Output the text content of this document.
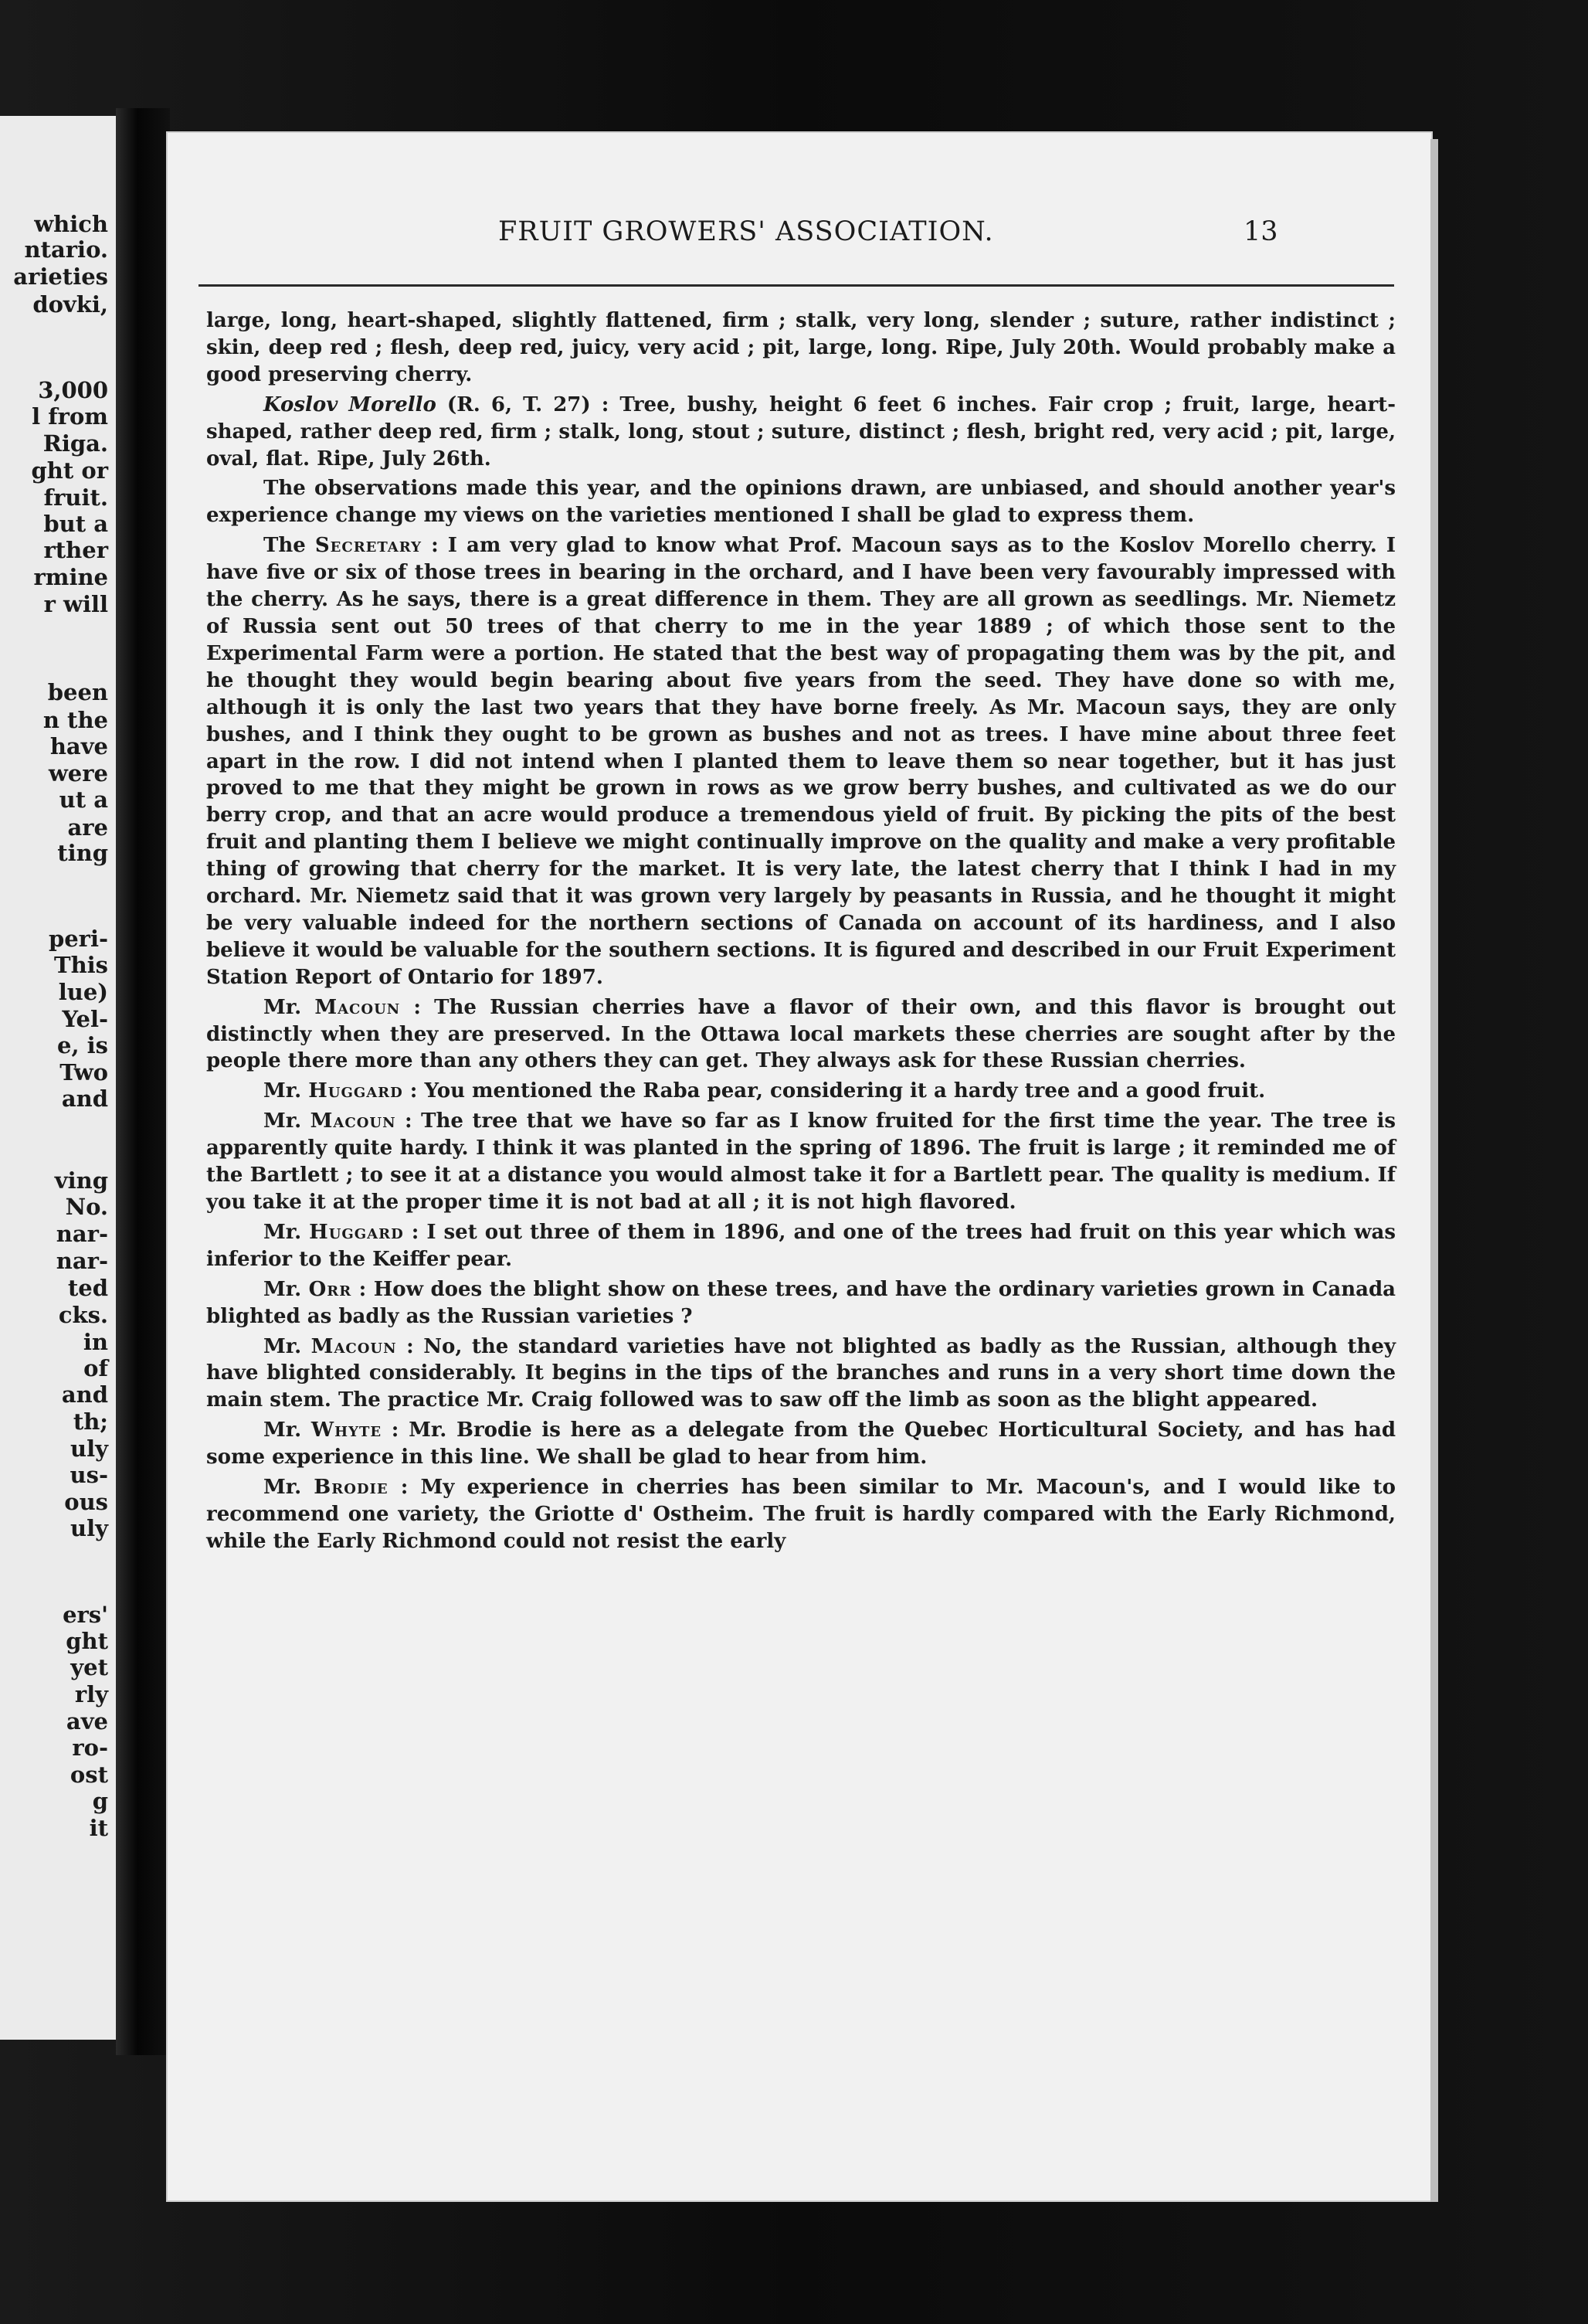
which
ntario.
arieties
dovki,
3,000
l from
Riga.
ght or
fruit.
but a
rther
rmine
r will
been
n the
have
were
ut a
are
ting
peri-
This
lue)
Yel-
e, is
Two
and
ving
No.
nar-
nar-
ted
cks.
in
of
and
th;
uly
us-
ous
uly
ers'
ght
yet
rly
ave
ro-
ost
g
it
FRUIT GROWERS' ASSOCIATION.	13

large, long, heart-shaped, slightly flattened, firm ; stalk, very long, slender ; suture, rather indistinct ; skin, deep red ; flesh, deep red, juicy, very acid ; pit, large, long. Ripe, July 20th. Would probably make a good preserving cherry.

Koslov Morello (R. 6, T. 27) : Tree, bushy, height 6 feet 6 inches. Fair crop ; fruit, large, heart-shaped, rather deep red, firm ; stalk, long, stout ; suture, distinct ; flesh, bright red, very acid ; pit, large, oval, flat. Ripe, July 26th.

The observations made this year, and the opinions drawn, are unbiased, and should another year's experience change my views on the varieties mentioned I shall be glad to express them.

The Secretary : I am very glad to know what Prof. Macoun says as to the Koslov Morello cherry. I have five or six of those trees in bearing in the orchard, and I have been very favourably impressed with the cherry. As he says, there is a great difference in them. They are all grown as seedlings. Mr. Niemetz of Russia sent out 50 trees of that cherry to me in the year 1889 ; of which those sent to the Experimental Farm were a portion. He stated that the best way of propagating them was by the pit, and he thought they would begin bearing about five years from the seed. They have done so with me, although it is only the last two years that they have borne freely. As Mr. Macoun says, they are only bushes, and I think they ought to be grown as bushes and not as trees. I have mine about three feet apart in the row. I did not intend when I planted them to leave them so near together, but it has just proved to me that they might be grown in rows as we grow berry bushes, and cultivated as we do our berry crop, and that an acre would produce a tremendous yield of fruit. By picking the pits of the best fruit and planting them I believe we might continually improve on the quality and make a very profitable thing of growing that cherry for the market. It is very late, the latest cherry that I think I had in my orchard. Mr. Niemetz said that it was grown very largely by peasants in Russia, and he thought it might be very valuable indeed for the northern sections of Canada on account of its hardiness, and I also believe it would be valuable for the southern sections. It is figured and described in our Fruit Experiment Station Report of Ontario for 1897.

Mr. Macoun : The Russian cherries have a flavor of their own, and this flavor is brought out distinctly when they are preserved. In the Ottawa local markets these cherries are sought after by the people there more than any others they can get. They always ask for these Russian cherries.

Mr. Huggard : You mentioned the Raba pear, considering it a hardy tree and a good fruit.

Mr. Macoun : The tree that we have so far as I know fruited for the first time the year. The tree is apparently quite hardy. I think it was planted in the spring of 1896. The fruit is large ; it reminded me of the Bartlett ; to see it at a distance you would almost take it for a Bartlett pear. The quality is medium. If you take it at the proper time it is not bad at all ; it is not high flavored.

Mr. Huggard : I set out three of them in 1896, and one of the trees had fruit on this year which was inferior to the Keiffer pear.

Mr. Orr : How does the blight show on these trees, and have the ordinary varieties grown in Canada blighted as badly as the Russian varieties ?

Mr. Macoun : No, the standard varieties have not blighted as badly as the Russian, although they have blighted considerably. It begins in the tips of the branches and runs in a very short time down the main stem. The practice Mr. Craig followed was to saw off the limb as soon as the blight appeared.

Mr. Whyte : Mr. Brodie is here as a delegate from the Quebec Horticultural Society, and has had some experience in this line. We shall be glad to hear from him.

Mr. Brodie : My experience in cherries has been similar to Mr. Macoun's, and I would like to recommend one variety, the Griotte d' Ostheim. The fruit is hardly compared with the Early Richmond, while the Early Richmond could not resist the early
